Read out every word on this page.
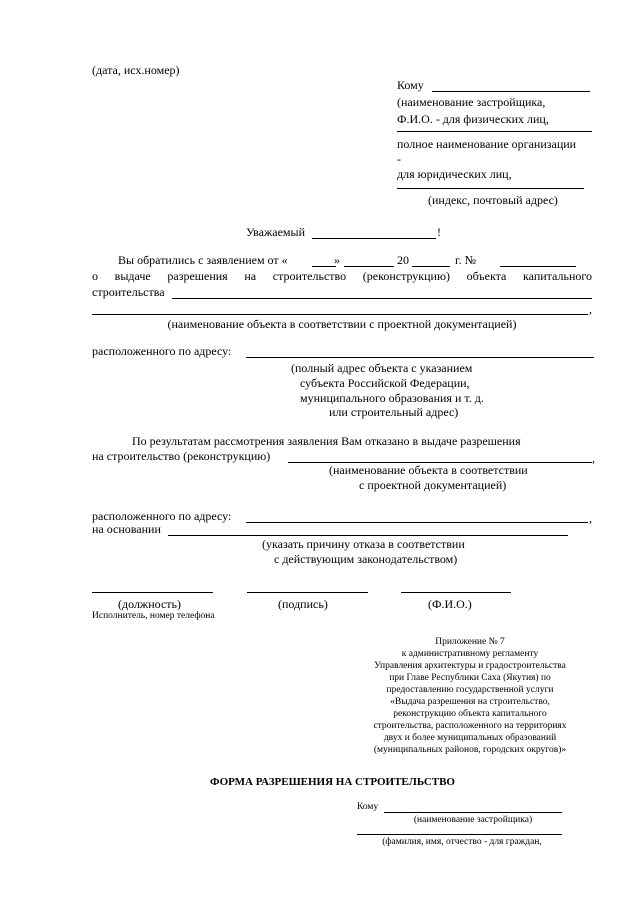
(дата, исх.номер)
Кому
(наименование застройщика,
Ф.И.О. - для физических лиц,
полное наименование организации
-
для юридических лиц,
(индекс, почтовый адрес)
Уважаемый	!
Вы обратились с заявлением от «	»	20	г. №
о выдаче разрешения на строительство (реконструкцию) объекта капитального
строительства
,
(наименование объекта в соответствии с проектной документацией)
расположенного по адресу:
(полный адрес объекта с указанием
субъекта Российской Федерации,
муниципального образования и т. д.
или строительный адрес)
По результатам рассмотрения заявления Вам отказано в выдаче разрешения
на строительство (реконструкцию)	,
(наименование объекта в соответствии
с проектной документацией)
расположенного по адресу:	,
на основании
(указать причину отказа в соответствии
с действующим законодательством)
(должность)	(подпись)	(Ф.И.О.)
Исполнитель, номер телефона
Приложение № 7
к административному регламенту
Управления архитектуры и градостроительства
при Главе Республики Саха (Якутия) по
предоставлению государственной услуги
«Выдача разрешения на строительство,
реконструкцию объекта капитального
строительства, расположенного на территориях
двух и более муниципальных образований
(муниципальных районов, городских округов)»
ФОРМА РАЗРЕШЕНИЯ НА СТРОИТЕЛЬСТВО
Кому
(наименование застройщика)
(фамилия, имя, отчество - для граждан,
